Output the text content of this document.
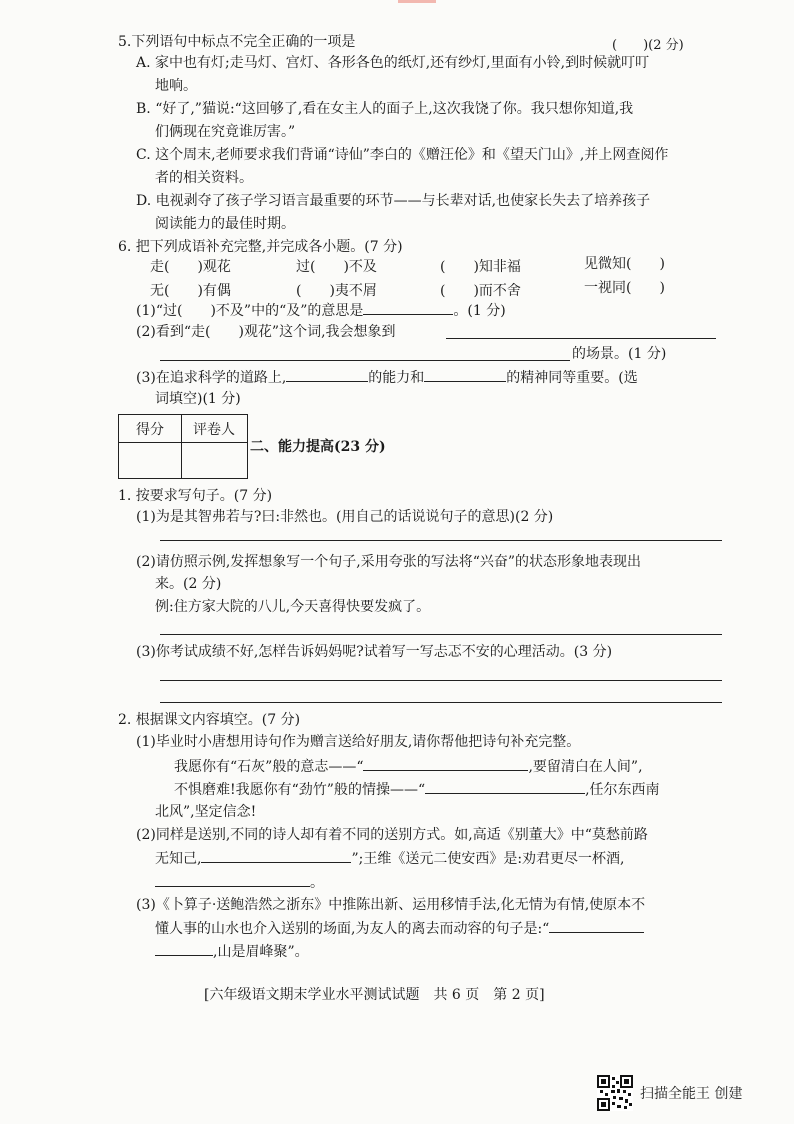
5.下列语句中标点不完全正确的一项是	(　　)(2 分)
A. 家中也有灯;走马灯、宫灯、各形各色的纸灯,还有纱灯,里面有小铃,到时候就叮叮
地响。
B. “好了,”猫说:“这回够了,看在女主人的面子上,这次我饶了你。我只想你知道,我
们俩现在究竟谁厉害。”
C. 这个周末,老师要求我们背诵“诗仙”李白的《赠汪伦》和《望天门山》,并上网查阅作
者的相关资料。
D. 电视剥夺了孩子学习语言最重要的环节——与长辈对话,也使家长失去了培养孩子
阅读能力的最佳时期。
6. 把下列成语补充完整,并完成各小题。(7 分)
走(　　)观花	过(　　)不及	(　　)知非福	见微知(　　)
无(　　)有偶	(　　)夷不屑	(　　)而不舍	一视同(　　)
(1)“过(　　)不及”中的“及”的意思是	。(1 分)
(2)看到“走(　　)观花”这个词,我会想象到
的场景。(1 分)
(3)在追求科学的道路上,	的能力和	的精神同等重要。(选
词填空)(1 分)
得分	评卷人
二、能力提高(23 分)
1. 按要求写句子。(7 分)
(1)为是其智弗若与?曰:非然也。(用自己的话说说句子的意思)(2 分)
(2)请仿照示例,发挥想象写一个句子,采用夸张的写法将“兴奋”的状态形象地表现出
来。(2 分)
例:住方家大院的八儿,今天喜得快要发疯了。
(3)你考试成绩不好,怎样告诉妈妈呢?试着写一写忐忑不安的心理活动。(3 分)
2. 根据课文内容填空。(7 分)
(1)毕业时小唐想用诗句作为赠言送给好朋友,请你帮他把诗句补充完整。
我愿你有“石灰”般的意志——“	,要留清白在人间”,
不惧磨难!我愿你有“劲竹”般的情操——“	,任尔东西南
北风”,坚定信念!
(2)同样是送别,不同的诗人却有着不同的送别方式。如,高适《别董大》中“莫愁前路
无知己,	”;王维《送元二使安西》是:劝君更尽一杯酒,
。
(3)《卜算子·送鲍浩然之浙东》中推陈出新、运用移情手法,化无情为有情,使原本不
懂人事的山水也介入送别的场面,为友人的离去而动容的句子是:“
,山是眉峰聚”。
[六年级语文期末学业水平测试试题　共 6 页　第 2 页]
扫描全能王 创建
